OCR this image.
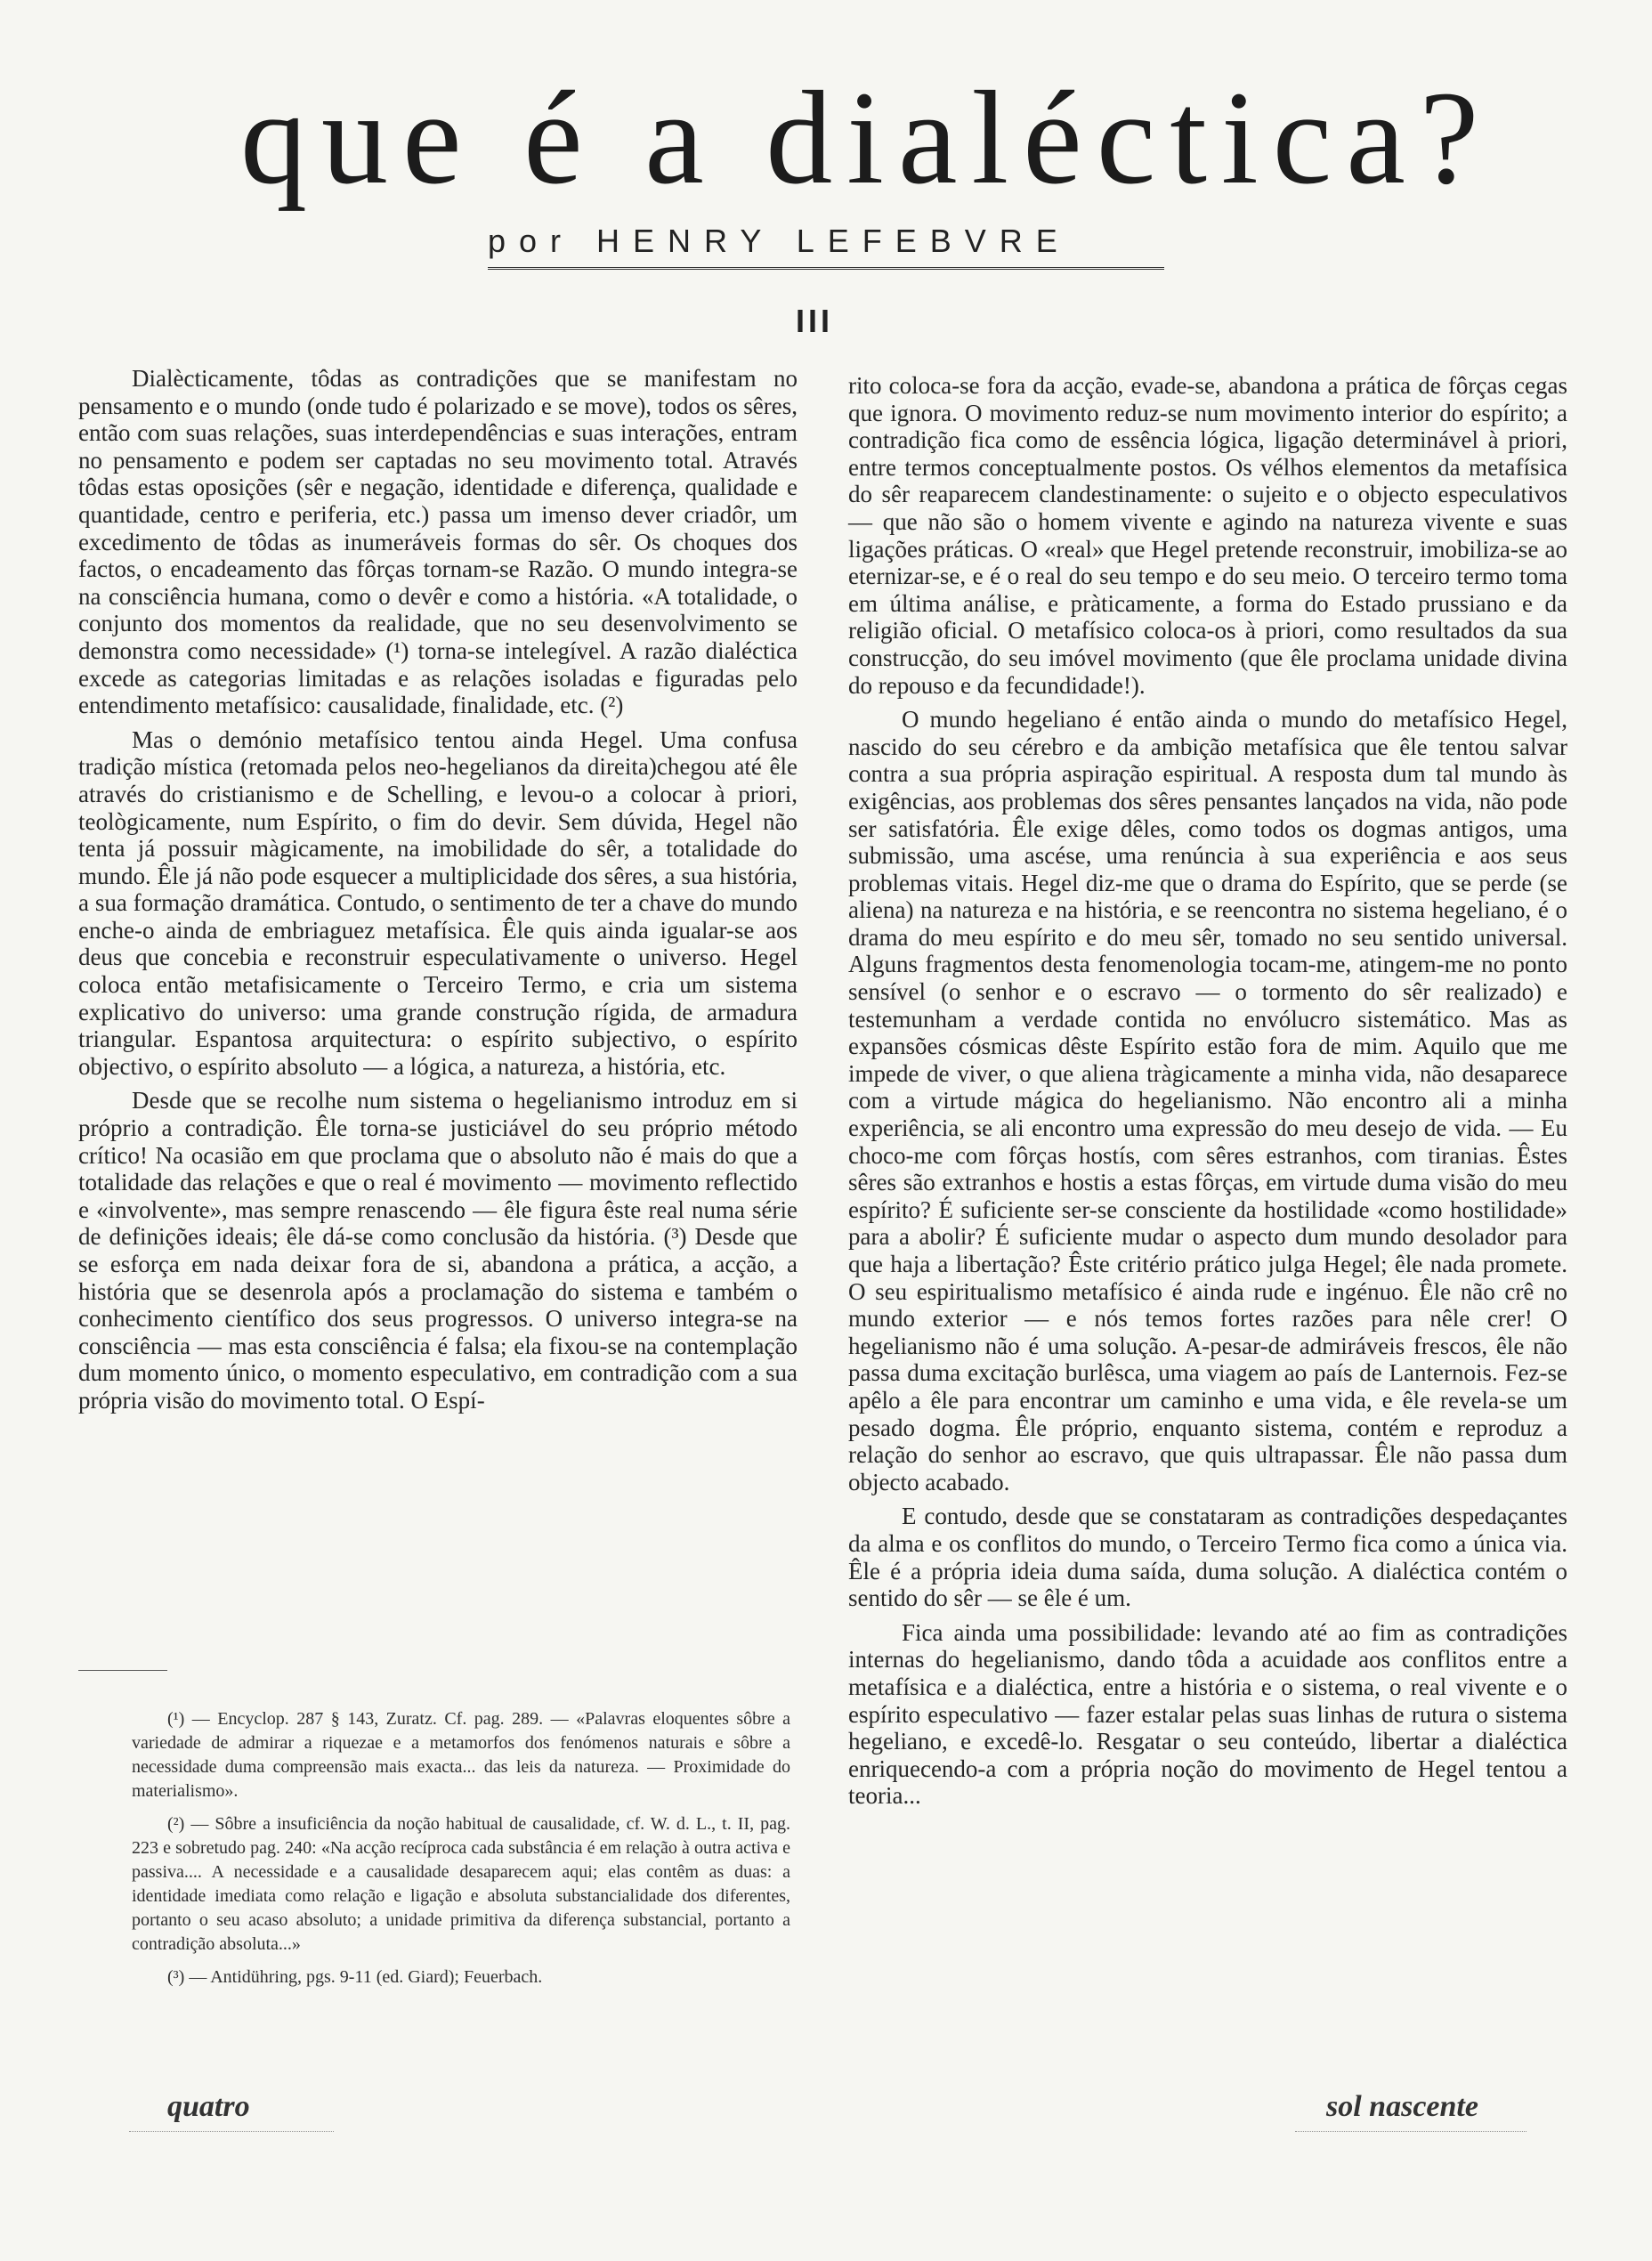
que é a dialéctica?
por HENRY LEFEBVRE
III

Dialècticamente, tôdas as contradições que se manifestam no pensamento e o mundo (onde tudo é polarizado e se move), todos os sêres, então com suas relações, suas interdependências e suas interações, entram no pensamento e podem ser captadas no seu movimento total. Através tôdas estas oposições (sêr e negação, identidade e diferença, qualidade e quantidade, centro e periferia, etc.) passa um imenso dever criadôr, um excedimento de tôdas as inumeráveis formas do sêr. Os choques dos factos, o encadeamento das fôrças tornam-se Razão. O mundo integra-se na consciência humana, como o devêr e como a história. «A totalidade, o conjunto dos momentos da realidade, que no seu desenvolvimento se demonstra como necessidade» (¹) torna-se intelegível. A razão dialéctica excede as categorias limitadas e as relações isoladas e figuradas pelo entendimento metafísico: causalidade, finalidade, etc. (²)

Mas o demónio metafísico tentou ainda Hegel. Uma confusa tradição mística (retomada pelos neo-hegelianos da direita)chegou até êle através do cristianismo e de Schelling, e levou-o a colocar à priori, teològicamente, num Espírito, o fim do devir. Sem dúvida, Hegel não tenta já possuir màgicamente, na imobilidade do sêr, a totalidade do mundo. Êle já não pode esquecer a multiplicidade dos sêres, a sua história, a sua formação dramática. Contudo, o sentimento de ter a chave do mundo enche-o ainda de embriaguez metafísica. Êle quis ainda igualar-se aos deus que concebia e reconstruir especulativamente o universo. Hegel coloca então metafisicamente o Terceiro Termo, e cria um sistema explicativo do universo: uma grande construção rígida, de armadura triangular. Espantosa arquitectura: o espírito subjectivo, o espírito objectivo, o espírito absoluto — a lógica, a natureza, a história, etc.

Desde que se recolhe num sistema o hegelianismo introduz em si próprio a contradição. Êle torna-se justiciável do seu próprio método crítico! Na ocasião em que proclama que o absoluto não é mais do que a totalidade das relações e que o real é movimento — movimento reflectido e «involvente», mas sempre renascendo — êle figura êste real numa série de definições ideais; êle dá-se como conclusão da história. (³) Desde que se esforça em nada deixar fora de si, abandona a prática, a acção, a história que se desenrola após a proclamação do sistema e também o conhecimento científico dos seus progressos. O universo integra-se na consciência — mas esta consciência é falsa; ela fixou-se na contemplação dum momento único, o momento especulativo, em contradição com a sua própria visão do movimento total. O Espí-

rito coloca-se fora da acção, evade-se, abandona a prática de fôrças cegas que ignora. O movimento reduz-se num movimento interior do espírito; a contradição fica como de essência lógica, ligação determinável à priori, entre termos conceptualmente postos. Os vélhos elementos da metafísica do sêr reaparecem clandestinamente: o sujeito e o objecto especulativos — que não são o homem vivente e agindo na natureza vivente e suas ligações práticas. O «real» que Hegel pretende reconstruir, imobiliza-se ao eternizar-se, e é o real do seu tempo e do seu meio. O terceiro termo toma em última análise, e pràticamente, a forma do Estado prussiano e da religião oficial. O metafísico coloca-os à priori, como resultados da sua construcção, do seu imóvel movimento (que êle proclama unidade divina do repouso e da fecundidade!).

O mundo hegeliano é então ainda o mundo do metafísico Hegel, nascido do seu cérebro e da ambição metafísica que êle tentou salvar contra a sua própria aspiração espiritual. A resposta dum tal mundo às exigências, aos problemas dos sêres pensantes lançados na vida, não pode ser satisfatória. Êle exige dêles, como todos os dogmas antigos, uma submissão, uma ascése, uma renúncia à sua experiência e aos seus problemas vitais. Hegel diz-me que o drama do Espírito, que se perde (se aliena) na natureza e na história, e se reencontra no sistema hegeliano, é o drama do meu espírito e do meu sêr, tomado no seu sentido universal. Alguns fragmentos desta fenomenologia tocam-me, atingem-me no ponto sensível (o senhor e o escravo — o tormento do sêr realizado) e testemunham a verdade contida no envólucro sistemático. Mas as expansões cósmicas dêste Espírito estão fora de mim. Aquilo que me impede de viver, o que aliena tràgicamente a minha vida, não desaparece com a virtude mágica do hegelianismo. Não encontro ali a minha experiência, se ali encontro uma expressão do meu desejo de vida. — Eu choco-me com fôrças hostís, com sêres estranhos, com tiranias. Êstes sêres são extranhos e hostis a estas fôrças, em virtude duma visão do meu espírito? É suficiente ser-se consciente da hostilidade «como hostilidade» para a abolir? É suficiente mudar o aspecto dum mundo desolador para que haja a libertação? Êste critério prático julga Hegel; êle nada promete. O seu espiritualismo metafísico é ainda rude e ingénuo. Êle não crê no mundo exterior — e nós temos fortes razões para nêle crer! O hegelianismo não é uma solução. A-pesar-de admiráveis frescos, êle não passa duma excitação burlêsca, uma viagem ao país de Lanternois. Fez-se apêlo a êle para encontrar um caminho e uma vida, e êle revela-se um pesado dogma. Êle próprio, enquanto sistema, contém e reproduz a relação do senhor ao escravo, que quis ultrapassar. Êle não passa dum objecto acabado.

E contudo, desde que se constataram as contradições despedaçantes da alma e os conflitos do mundo, o Terceiro Termo fica como a única via. Êle é a própria ideia duma saída, duma solução. A dialéctica contém o sentido do sêr — se êle é um.

Fica ainda uma possibilidade: levando até ao fim as contradições internas do hegelianismo, dando tôda a acuidade aos conflitos entre a metafísica e a dialéctica, entre a história e o sistema, o real vivente e o espírito especulativo — fazer estalar pelas suas linhas de rutura o sistema hegeliano, e excedê-lo. Resgatar o seu conteúdo, libertar a dialéctica enriquecendo-a com a própria noção do movimento de Hegel tentou a teoria...

(¹) — Encyclop. 287 § 143, Zuratz. Cf. pag. 289. — «Palavras eloquentes sôbre a variedade de admirar a riquezae e a metamorfos dos fenómenos naturais e sôbre a necessidade duma compreensão mais exacta... das leis da natureza. — Proximidade do materialismo».

(²) — Sôbre a insuficiência da noção habitual de causalidade, cf. W. d. L., t. II, pag. 223 e sobretudo pag. 240: «Na acção recíproca cada substância é em relação à outra activa e passiva.... A necessidade e a causalidade desaparecem aqui; elas contêm as duas: a identidade imediata como relação e ligação e absoluta substancialidade dos diferentes, portanto o seu acaso absoluto; a unidade primitiva da diferença substancial, portanto a contradição absoluta...»

(³) — Antidühring, pgs. 9-11 (ed. Giard); Feuerbach.

quatro	sol nascente
